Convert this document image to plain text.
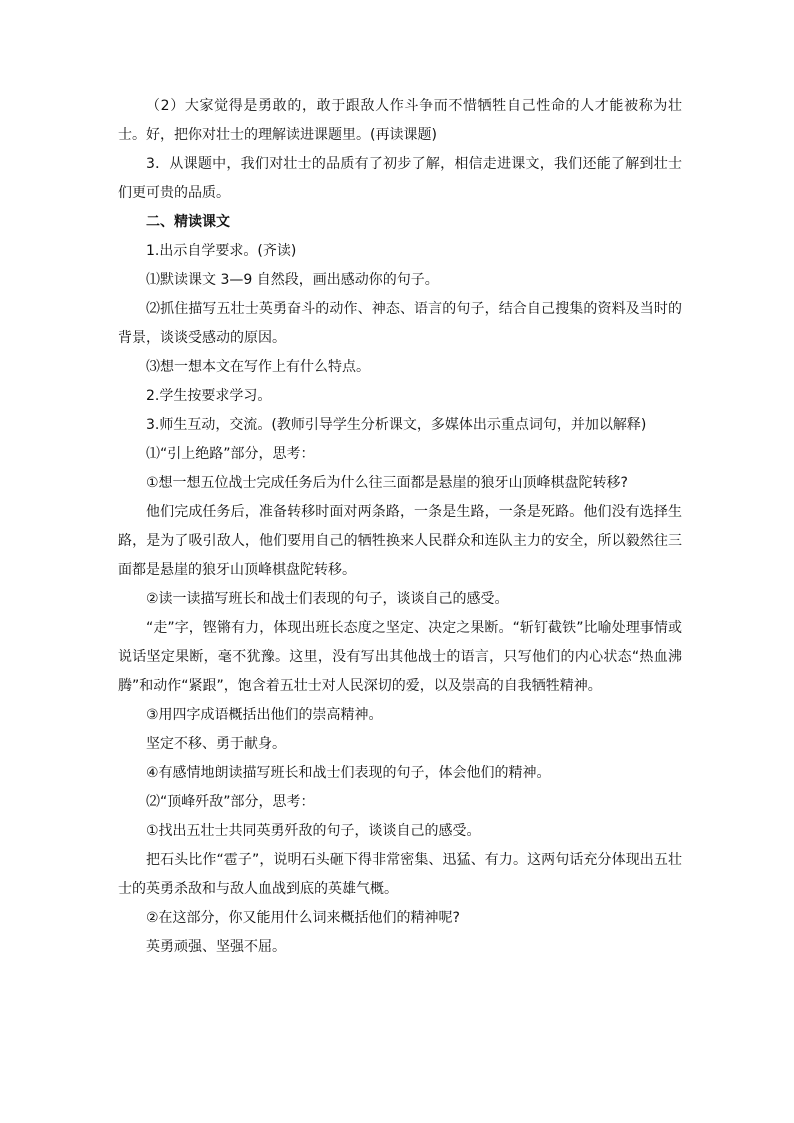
（2）大家觉得是勇敢的，敢于跟敌人作斗争而不惜牺牲自己性命的人才能被称为壮士。好，把你对壮士的理解读进课题里。(再读课题)

3．从课题中，我们对壮士的品质有了初步了解，相信走进课文，我们还能了解到壮士们更可贵的品质。

二、精读课文

1.出示自学要求。(齐读)

⑴默读课文 3—9 自然段，画出感动你的句子。

⑵抓住描写五壮士英勇奋斗的动作、神态、语言的句子，结合自己搜集的资料及当时的背景，谈谈受感动的原因。

⑶想一想本文在写作上有什么特点。

2.学生按要求学习。

3.师生互动，交流。(教师引导学生分析课文，多媒体出示重点词句，并加以解释)

⑴“引上绝路”部分，思考：

①想一想五位战士完成任务后为什么往三面都是悬崖的狼牙山顶峰棋盘陀转移?

他们完成任务后，准备转移时面对两条路，一条是生路，一条是死路。他们没有选择生路，是为了吸引敌人，他们要用自己的牺牲换来人民群众和连队主力的安全，所以毅然往三面都是悬崖的狼牙山顶峰棋盘陀转移。

②读一读描写班长和战士们表现的句子，谈谈自己的感受。

“走”字，铿锵有力，体现出班长态度之坚定、决定之果断。“斩钉截铁”比喻处理事情或说话坚定果断，毫不犹豫。这里，没有写出其他战士的语言，只写他们的内心状态“热血沸腾”和动作“紧跟”，饱含着五壮士对人民深切的爱，以及崇高的自我牺牲精神。

③用四字成语概括出他们的崇高精神。

坚定不移、勇于献身。

④有感情地朗读描写班长和战士们表现的句子，体会他们的精神。

⑵“顶峰歼敌”部分，思考：

①找出五壮士共同英勇歼敌的句子，谈谈自己的感受。

把石头比作“雹子”，说明石头砸下得非常密集、迅猛、有力。这两句话充分体现出五壮士的英勇杀敌和与敌人血战到底的英雄气概。

②在这部分，你又能用什么词来概括他们的精神呢?

英勇顽强、坚强不屈。
